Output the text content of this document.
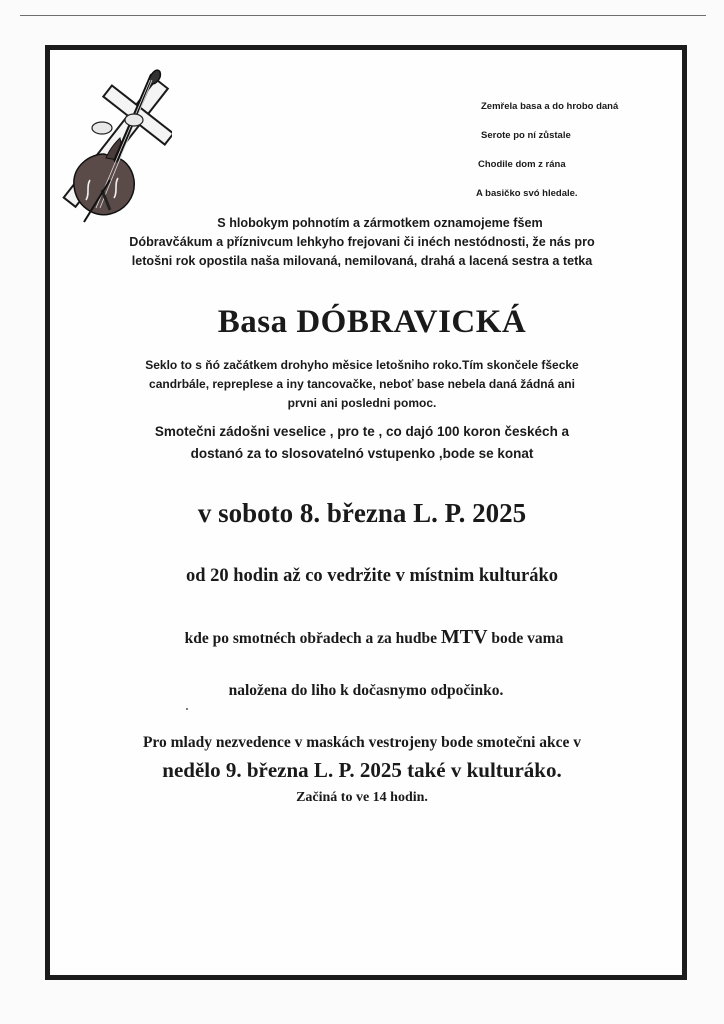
Zemřela basa a do hrobo daná
Serote po ní zůstale
Chodile dom z rána
A basičko svó hledale.
S hlobokym pohnotím a zármotkem oznamojeme fšem
Dóbravčákum a příznivcum lehkyho frejovani či inéch nestódnosti, že nás pro
letošni rok opostila naša milovaná, nemilovaná, drahá a lacená sestra a tetka
Basa DÓBRAVICKÁ
Seklo to s ňó začátkem drohyho měsice letošniho roko.Tím skončele fšecke
candrbále, repreplese a iny tancovačke, neboť base nebela daná žádná ani
prvni ani posledni pomoc.
Smotečni zádošni veselice , pro te , co dajó 100 koron českéch a
dostanó za to slosovatelnó vstupenko ,bode se konat
v soboto 8. března L. P. 2025
od 20 hodin až co vedržite v místnim kulturáko
kde po smotnéch obřadech a za hudbe MTV bode vama
naložena do liho k dočasnymo odpočinko.
Pro mlady nezvedence v maskách vestrojeny bode smotečni akce v
nedělo 9. března L. P. 2025 také v kulturáko.
Začiná to ve 14 hodin.
